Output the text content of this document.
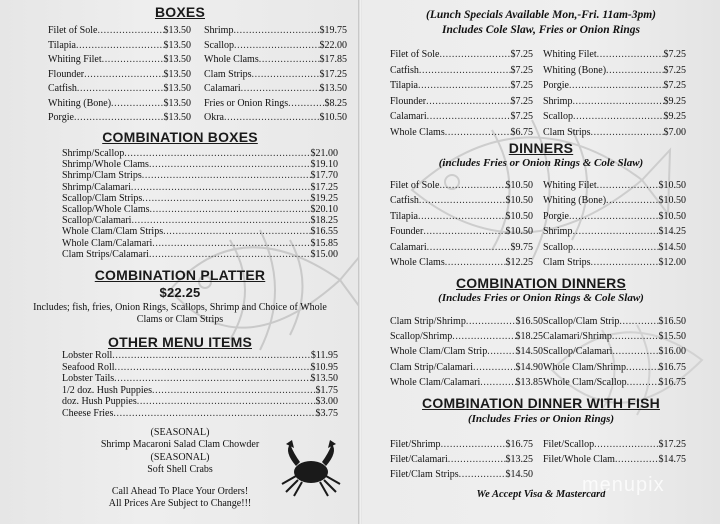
BOXES
Filet of Sole .....	$13.50
Tilapia .....	$13.50
Whiting Filet .....	$13.50
Flounder .....	$13.50
Catfish .....	$13.50
Whiting (Bone) .....	$13.50
Porgie .....	$13.50
Shrimp .....	$19.75
Scallop .....	$22.00
Whole Clams .....	$17.85
Clam Strips .....	$17.25
Calamari .....	$13.50
Fries or Onion Rings .....	$8.25
Okra .....	$10.50
COMBINATION BOXES
Shrimp/Scallop .....	$21.00
Shrimp/Whole Clams .....	$19.10
Shrimp/Clam Strips .....	$17.70
Shrimp/Calamari .....	$17.25
Scallop/Clam Strips .....	$19.25
Scallop/Whole Clams .....	$20.10
Scallop/Calamari .....	$18.25
Whole Clam/Clam Strips .....	$16.55
Whole Clam/Calamari .....	$15.85
Clam Strips/Calamari .....	$15.00
COMBINATION PLATTER
$22.25
Includes; fish, fries, Onion Rings, Scallops, Shrimp and Choice of Whole
Clams or Clam Strips
OTHER MENU ITEMS
Lobster Roll .....	$11.95
Seafood Roll .....	$10.95
Lobster Tails .....	$13.50
1/2 doz. Hush Puppies .....	$1.75
doz. Hush Puppies .....	$3.00
Cheese Fries .....	$3.75
(SEASONAL)
Shrimp Macaroni Salad Clam Chowder
(SEASONAL)
Soft Shell Crabs
Call Ahead To Place Your Orders!
All Prices Are Subject to Change!!!
(Lunch Specials Available Mon,-Fri. 11am-3pm)
Includes Cole Slaw, Fries or Onion Rings
Filet of Sole .....	$7.25
Catfish .....	$7.25
Tilapia .....	$7.25
Flounder .....	$7.25
Calamari .....	$7.25
Whole Clams .....	$6.75
Whiting Filet .....	$7.25
Whiting (Bone) .....	$7.25
Porgie .....	$7.25
Shrimp .....	$9.25
Scallop .....	$9.25
Clam Strips .....	$7.00
DINNERS
(includes Fries or Onion Rings & Cole Slaw)
Filet of Sole .....	$10.50
Catfish .....	$10.50
Tilapia .....	$10.50
Founder .....	$10.50
Calamari .....	$9.75
Whole Clams .....	$12.25
Whiting Filet .....	$10.50
Whiting (Bone) .....	$10.50
Porgie .....	$10.50
Shrimp .....	$14.25
Scallop .....	$14.50
Clam Strips .....	$12.00
COMBINATION DINNERS
(Includes Fries or Onion Rings & Cole Slaw)
Clam Strip/Shrimp .....	$16.50
Scallop/Shrimp .....	$18.25
Whole Clam/Clam Strip .....	$14.50
Clam Strip/Calamari .....	$14.90
Whole Clam/Calamari .....	$13.85
Scallop/Clam Strip .....	$16.50
Calamari/Shrimp .....	$15.50
Scallop/Calamari .....	$16.00
Whole Clam/Shrimp .....	$16.75
Whole Clam/Scallop .....	$16.75
COMBINATION DINNER WITH FISH
(Includes Fries or Onion Rings)
Filet/Shrimp .....	$16.75
Filet/Calamari .....	$13.25
Filet/Clam Strips .....	$14.50
Filet/Scallop .....	$17.25
Filet/Whole Clam .....	$14.75
We Accept Visa & Mastercard
menupix
